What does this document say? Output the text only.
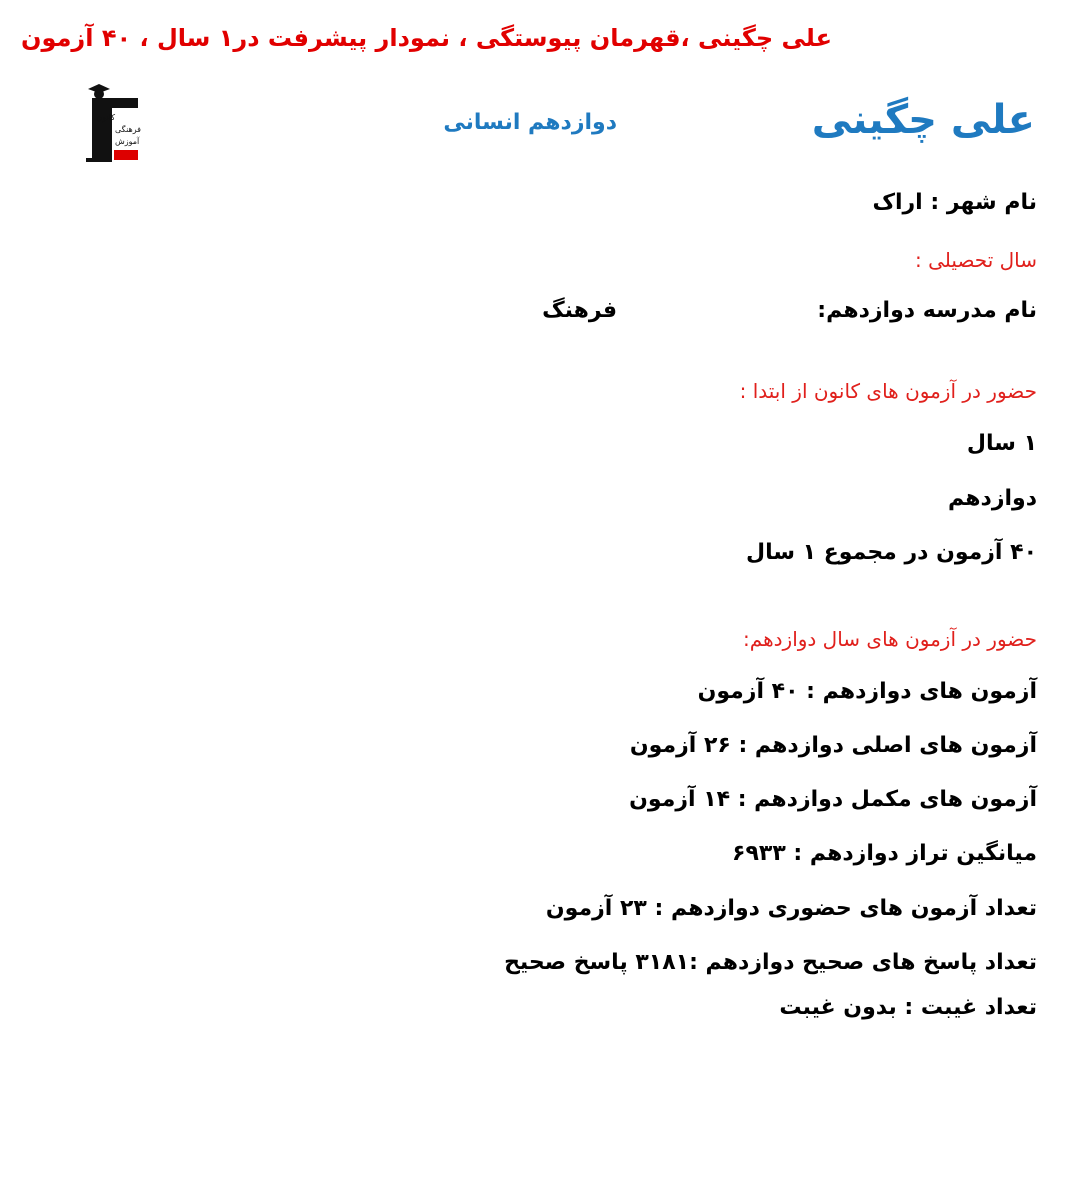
علی چگینی ،قهرمان پیوستگی ، نمودار پیشرفت در۱ سال ، ۴۰ آزمون
کانون
فرهنگی
آموزش
دوازدهم انسانی	علی چگینی
نام شهر : اراک
سال تحصیلی :
نام مدرسه دوازدهم:
فرهنگ
حضور در آزمون های کانون از ابتدا :
۱ سال
دوازدهم
۴۰ آزمون در مجموع ۱ سال
حضور در آزمون های سال دوازدهم:
آزمون های دوازدهم : ۴۰ آزمون
آزمون های اصلی دوازدهم : ۲۶ آزمون
آزمون های مکمل دوازدهم : ۱۴ آزمون
میانگین تراز دوازدهم : ۶۹۳۳
تعداد آزمون های حضوری دوازدهم : ۲۳ آزمون
تعداد پاسخ های صحیح دوازدهم :۳۱۸۱ پاسخ صحیح
تعداد غیبت : بدون غیبت
